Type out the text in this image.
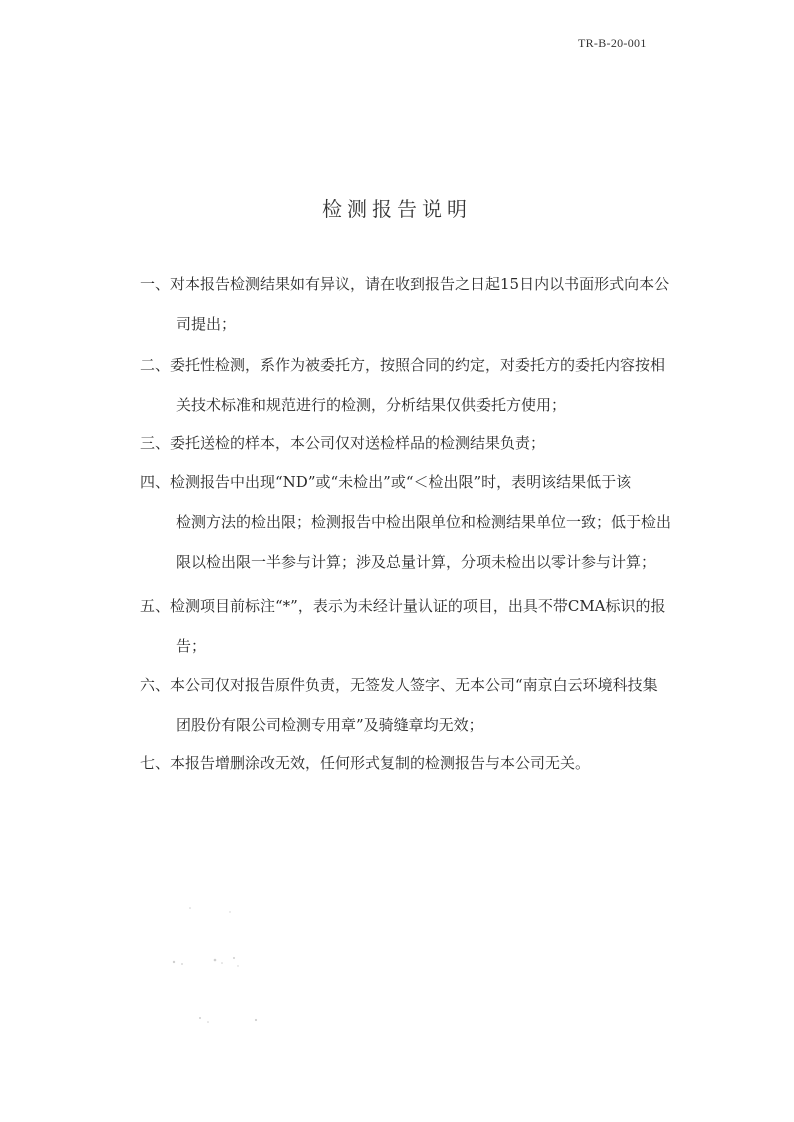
TR-B-20-001
检测报告说明

一、对本报告检测结果如有异议，请在收到报告之日起15日内以书面形式向本公
司提出；

二、委托性检测，系作为被委托方，按照合同的约定，对委托方的委托内容按相
关技术标准和规范进行的检测，分析结果仅供委托方使用；

三、委托送检的样本，本公司仅对送检样品的检测结果负责；

四、检测报告中出现“ND”或“未检出”或“＜检出限”时，表明该结果低于该
检测方法的检出限；检测报告中检出限单位和检测结果单位一致；低于检出
限以检出限一半参与计算；涉及总量计算，分项未检出以零计参与计算；

五、检测项目前标注“*”，表示为未经计量认证的项目，出具不带CMA标识的报
告；

六、本公司仅对报告原件负责，无签发人签字、无本公司“南京白云环境科技集
团股份有限公司检测专用章”及骑缝章均无效；

七、本报告增删涂改无效，任何形式复制的检测报告与本公司无关。
